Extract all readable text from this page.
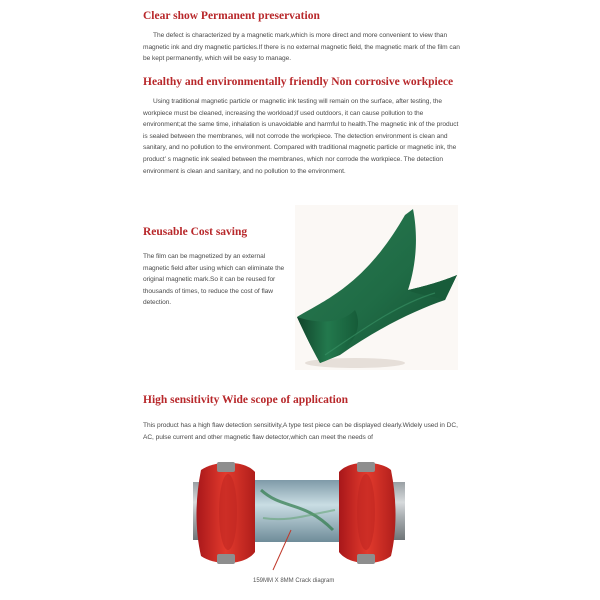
Clear show Permanent preservation

The defect is characterized by a magnetic mark,which is more direct and more convenient to view than magnetic ink and dry magnetic particles.If there is no external magnetic field, the magnetic mark of the film can be kept permanently, which will be easy to manage.

Healthy and environmentally friendly Non corrosive workpiece

Using traditional magnetic particle or magnetic ink testing will remain on the surface, after testing, the workpiece must be cleaned, increasing the workload;if used outdoors, it can cause pollution to the environment;at the same time, inhalation is unavoidable and harmful to health.The magnetic ink of the product is sealed between the membranes, will not corrode the workpiece. The detection environment is clean and sanitary, and no pollution to the environment. Compared with traditional magnetic particle or magnetic ink, the product’ s magnetic ink sealed between the membranes, which nor corrode the workpiece. The detection environment is clean and sanitary, and no pollution to the environment.

Reusable Cost saving

The film can be magnetized by an external magnetic field after using which can eliminate the original magnetic mark.So it can be reused for thousands of times, to reduce the cost of flaw detection.

High sensitivity Wide scope of application

This product has a high flaw detection sensitivity,A type test piece can be displayed clearly.Widely used in DC, AC, pulse current and other magnetic flaw detector,which can meet the needs of

159MM X 8MM Crack diagram
